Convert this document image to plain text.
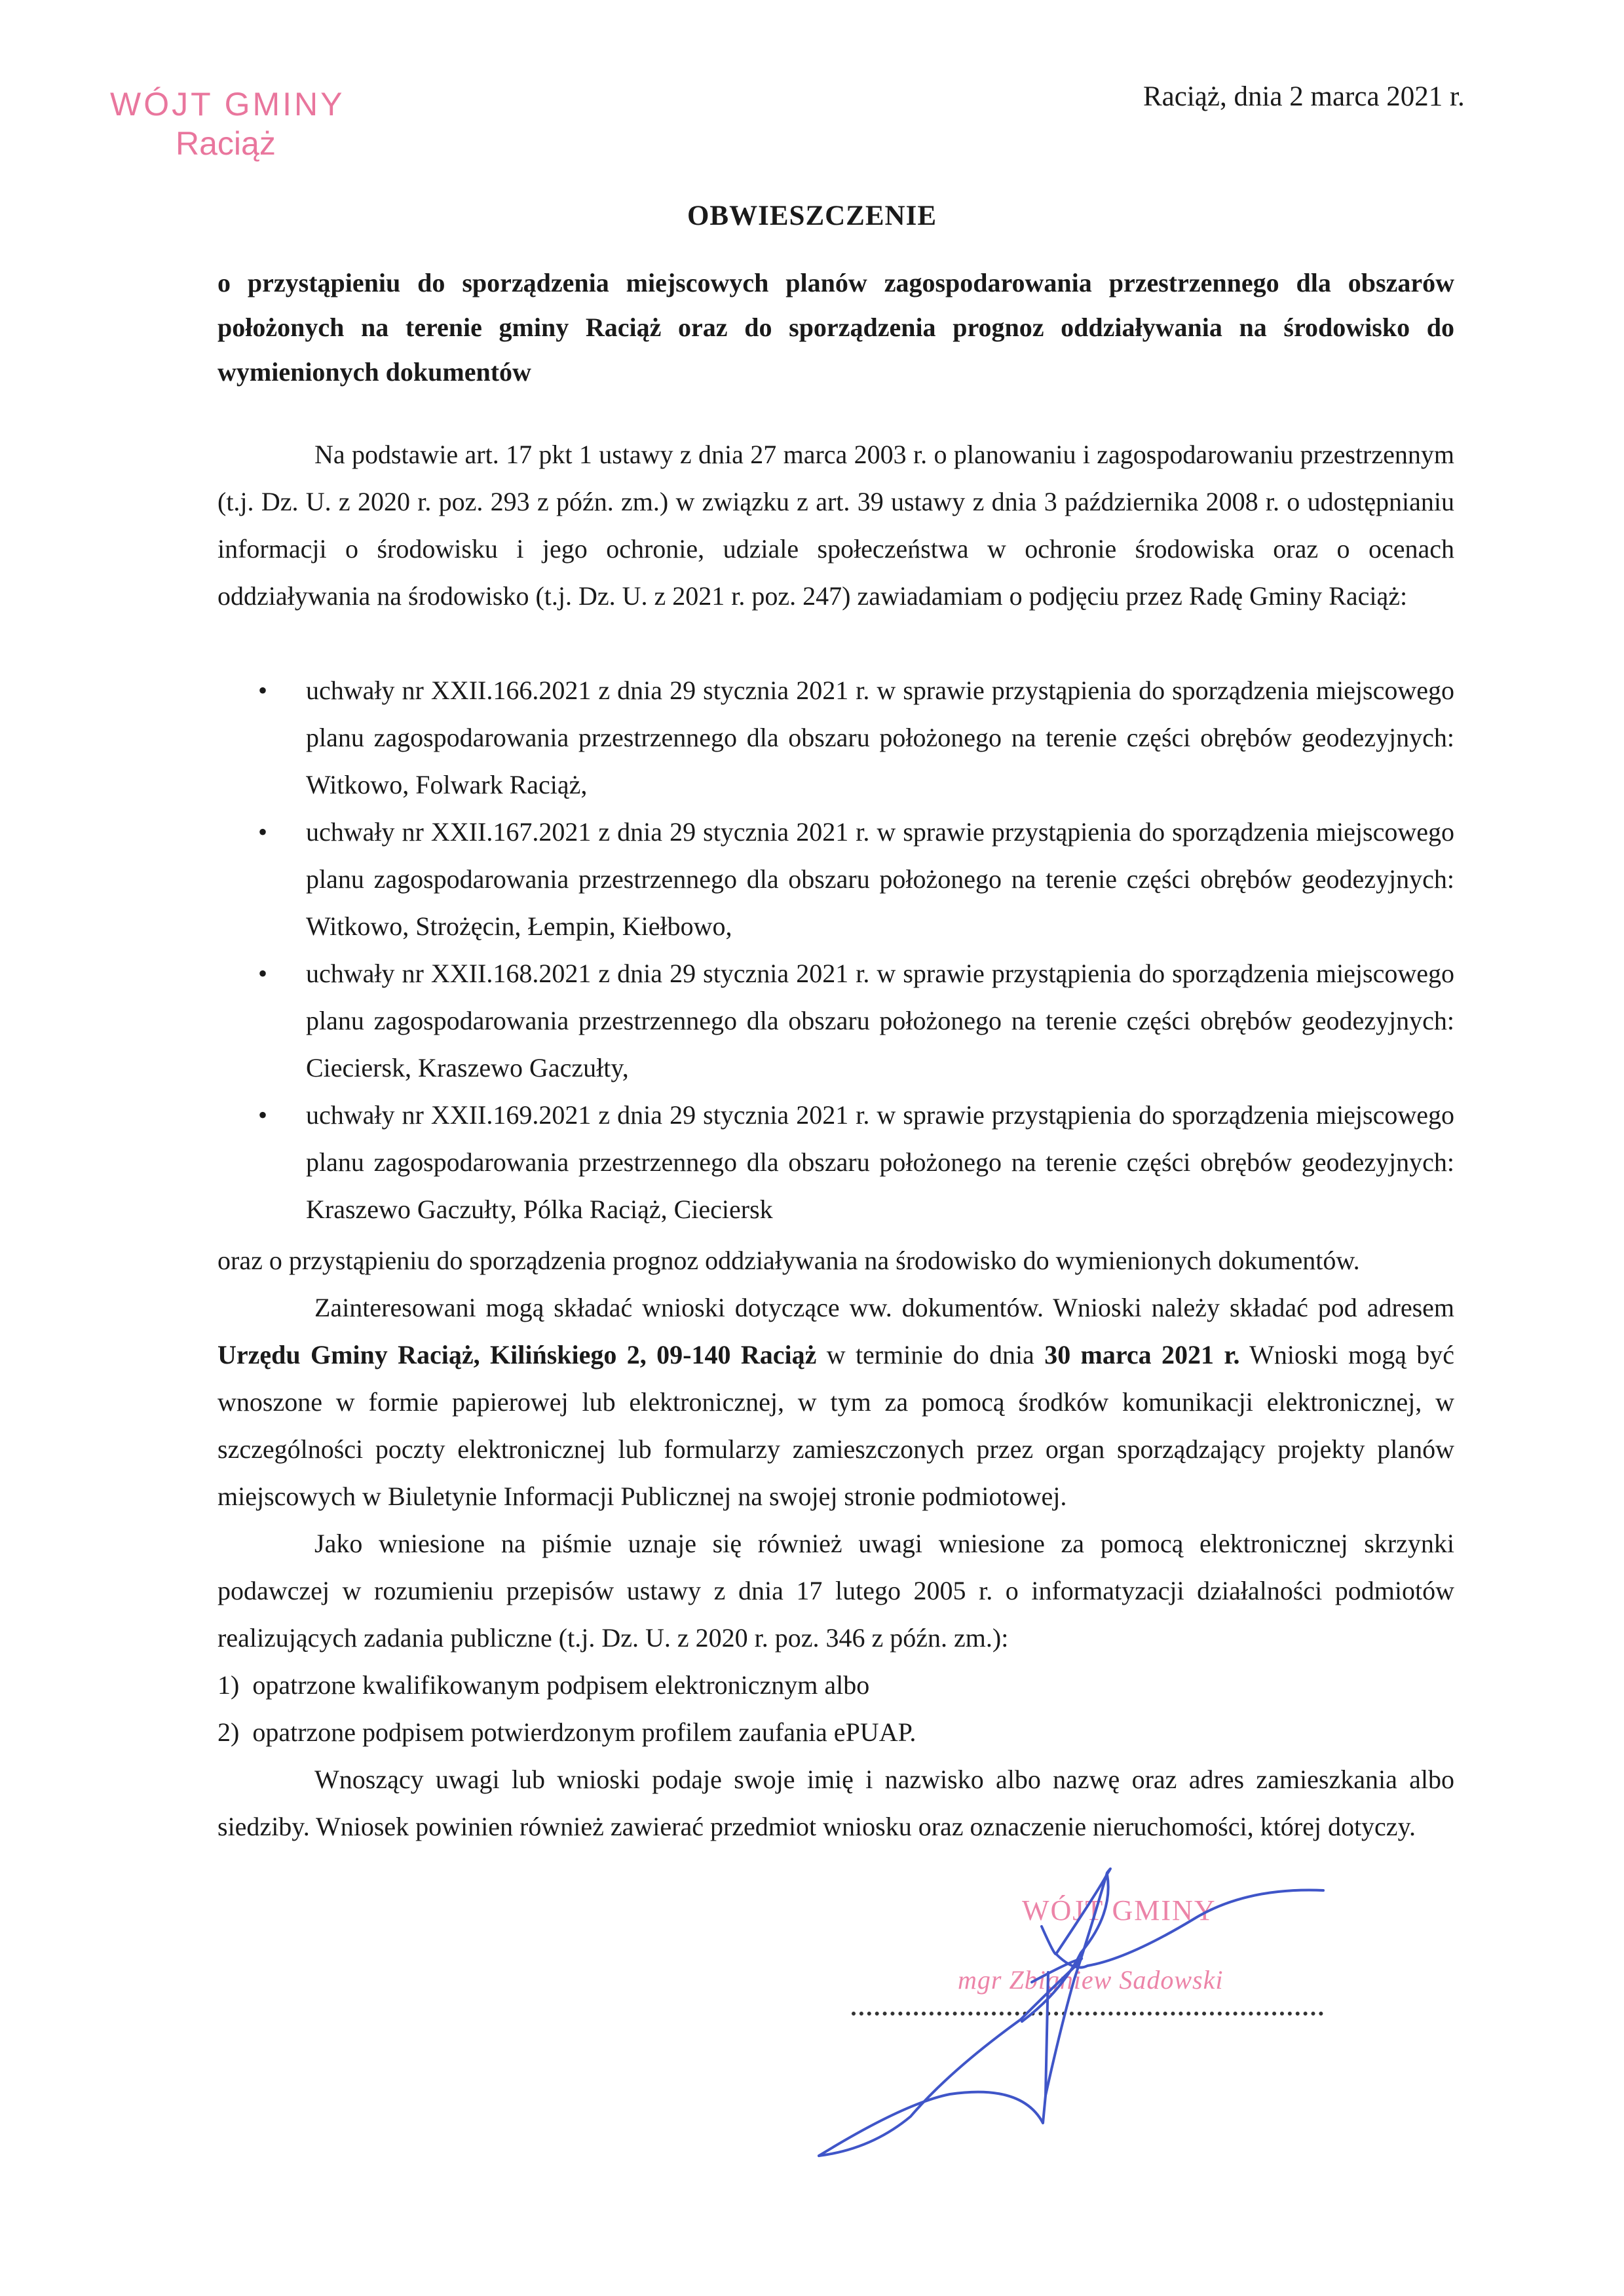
WÓJT GMINY
Raciąż
Raciąż, dnia 2 marca 2021 r.
OBWIESZCZENIE
o przystąpieniu do sporządzenia miejscowych planów zagospodarowania przestrzennego dla obszarów położonych na terenie gminy Raciąż oraz do sporządzenia prognoz oddziaływania na środowisko do wymienionych dokumentów

Na podstawie art. 17 pkt 1 ustawy z dnia 27 marca 2003 r. o planowaniu i zagospodarowaniu przestrzennym (t.j. Dz. U. z 2020 r. poz. 293 z późn. zm.) w związku z art. 39 ustawy z dnia 3 października 2008 r. o udostępnianiu informacji o środowisku i jego ochronie, udziale społeczeństwa w ochronie środowiska oraz o ocenach oddziaływania na środowisko (t.j. Dz. U. z 2021 r. poz. 247) zawiadamiam o podjęciu przez Radę Gminy Raciąż:

• uchwały nr XXII.166.2021 z dnia 29 stycznia 2021 r. w sprawie przystąpienia do sporządzenia miejscowego planu zagospodarowania przestrzennego dla obszaru położonego na terenie części obrębów geodezyjnych: Witkowo, Folwark Raciąż,
• uchwały nr XXII.167.2021 z dnia 29 stycznia 2021 r. w sprawie przystąpienia do sporządzenia miejscowego planu zagospodarowania przestrzennego dla obszaru położonego na terenie części obrębów geodezyjnych: Witkowo, Strożęcin, Łempin, Kiełbowo,
• uchwały nr XXII.168.2021 z dnia 29 stycznia 2021 r. w sprawie przystąpienia do sporządzenia miejscowego planu zagospodarowania przestrzennego dla obszaru położonego na terenie części obrębów geodezyjnych: Cieciersk, Kraszewo Gaczułty,
• uchwały nr XXII.169.2021 z dnia 29 stycznia 2021 r. w sprawie przystąpienia do sporządzenia miejscowego planu zagospodarowania przestrzennego dla obszaru położonego na terenie części obrębów geodezyjnych: Kraszewo Gaczułty, Pólka Raciąż, Cieciersk

oraz o przystąpieniu do sporządzenia prognoz oddziaływania na środowisko do wymienionych dokumentów.

Zainteresowani mogą składać wnioski dotyczące ww. dokumentów. Wnioski należy składać pod adresem Urzędu Gminy Raciąż, Kilińskiego 2, 09-140 Raciąż w terminie do dnia 30 marca 2021 r. Wnioski mogą być wnoszone w formie papierowej lub elektronicznej, w tym za pomocą środków komunikacji elektronicznej, w szczególności poczty elektronicznej lub formularzy zamieszczonych przez organ sporządzający projekty planów miejscowych w Biuletynie Informacji Publicznej na swojej stronie podmiotowej.

Jako wniesione na piśmie uznaje się również uwagi wniesione za pomocą elektronicznej skrzynki podawczej w rozumieniu przepisów ustawy z dnia 17 lutego 2005 r. o informatyzacji działalności podmiotów realizujących zadania publiczne (t.j. Dz. U. z 2020 r. poz. 346 z późn. zm.):

1) opatrzone kwalifikowanym podpisem elektronicznym albo
2) opatrzone podpisem potwierdzonym profilem zaufania ePUAP.

Wnoszący uwagi lub wnioski podaje swoje imię i nazwisko albo nazwę oraz adres zamieszkania albo siedziby. Wniosek powinien również zawierać przedmiot wniosku oraz oznaczenie nieruchomości, której dotyczy.

WÓJT GMINY
mgr Zbigniew Sadowski
